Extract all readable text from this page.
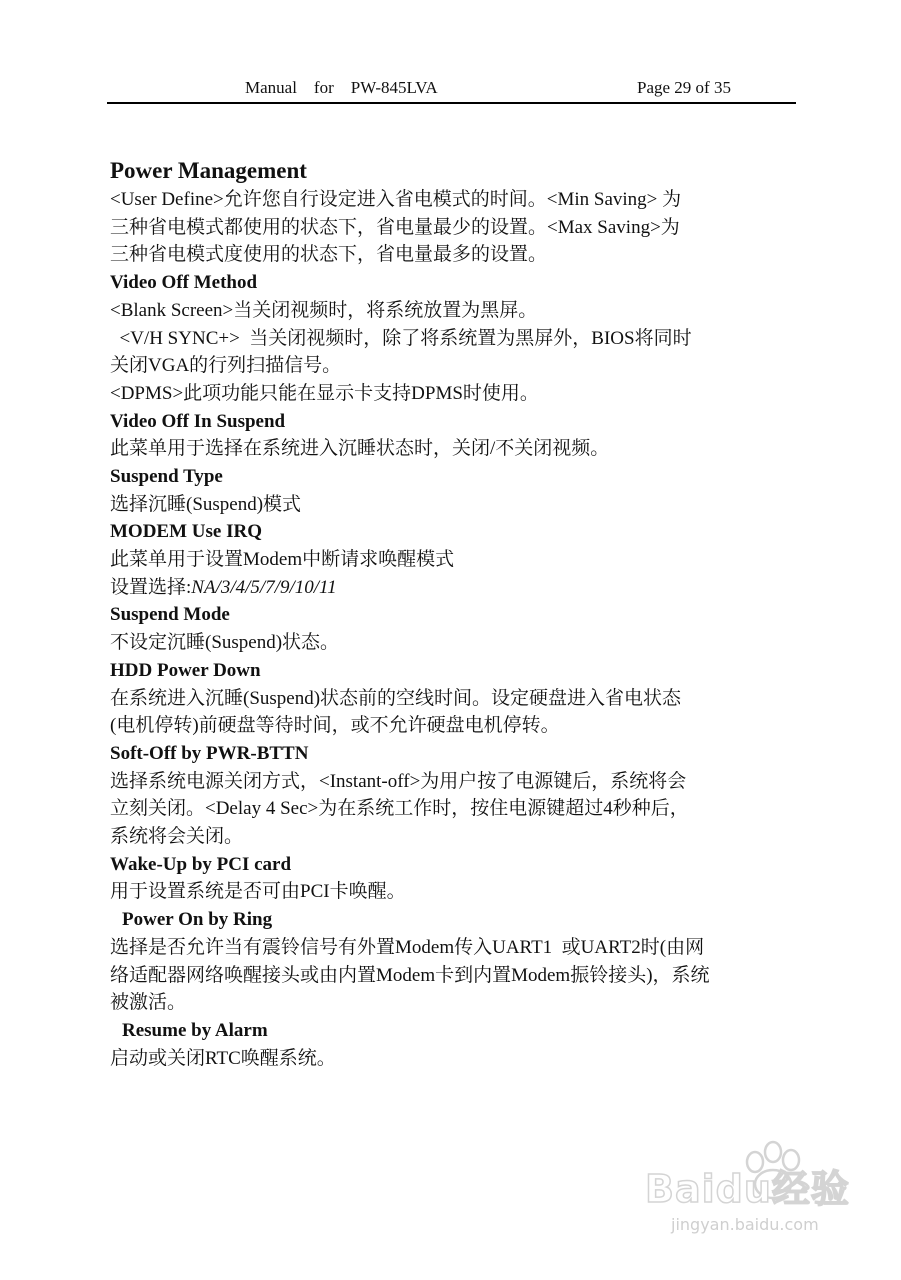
Manual    for    PW-845LVA	Page 29 of 35
Power Management
<User Define>允许您自行设定进入省电模式的时间。<Min Saving> 为
三种省电模式都使用的状态下，省电量最少的设置。<Max Saving>为
三种省电模式度使用的状态下，省电量最多的设置。
Video Off Method
<Blank Screen>当关闭视频时，将系统放置为黑屏。
<V/H SYNC+>  当关闭视频时，除了将系统置为黑屏外，BIOS将同时
关闭VGA的行列扫描信号。
<DPMS>此项功能只能在显示卡支持DPMS时使用。
Video Off In Suspend
此菜单用于选择在系统进入沉睡状态时，关闭/不关闭视频。
Suspend Type
选择沉睡(Suspend)模式
MODEM Use IRQ
此菜单用于设置Modem中断请求唤醒模式
设置选择:NA/3/4/5/7/9/10/11
Suspend Mode
不设定沉睡(Suspend)状态。
HDD Power Down
在系统进入沉睡(Suspend)状态前的空线时间。设定硬盘进入省电状态
(电机停转)前硬盘等待时间，或不允许硬盘电机停转。
Soft-Off by PWR-BTTN
选择系统电源关闭方式，<Instant-off>为用户按了电源键后，系统将会
立刻关闭。<Delay 4 Sec>为在系统工作时，按住电源键超过4秒种后，
系统将会关闭。
Wake-Up by PCI card
用于设置系统是否可由PCI卡唤醒。
Power On by Ring
选择是否允许当有震铃信号有外置Modem传入UART1  或UART2时(由网
络适配器网络唤醒接头或由内置Modem卡到内置Modem振铃接头)，系统
被激活。
Resume by Alarm
启动或关闭RTC唤醒系统。
Baidu经验
jingyan.baidu.com
